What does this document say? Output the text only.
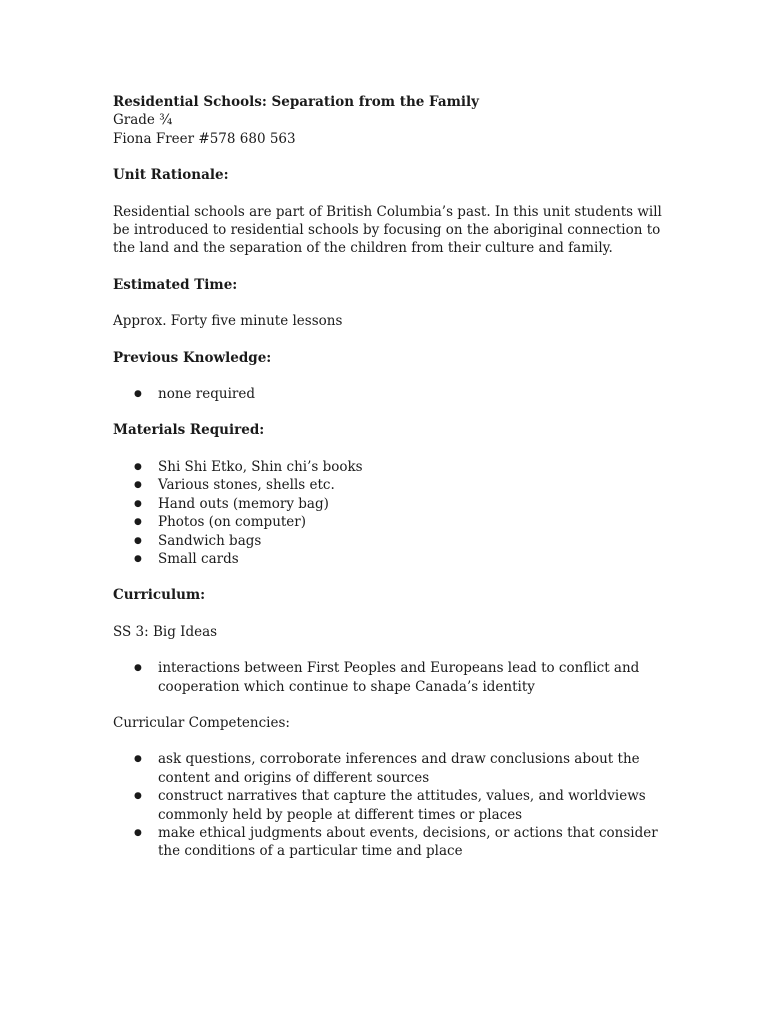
Residential Schools: Separation from the Family

Grade ¾

Fiona Freer #578 680 563

Unit Rationale:

Residential schools are part of British Columbia’s past. In this unit students will be introduced to residential schools by focusing on the aboriginal connection to the land and the separation of the children from their culture and family.

Estimated Time:

Approx. Forty five minute lessons

Previous Knowledge:

● none required

Materials Required:

● Shi Shi Etko, Shin chi’s books
● Various stones, shells etc.
● Hand outs (memory bag)
● Photos (on computer)
● Sandwich bags
● Small cards

Curriculum:

SS 3: Big Ideas

● interactions between First Peoples and Europeans lead to conflict and cooperation which continue to shape Canada’s identity

Curricular Competencies:

● ask questions, corroborate inferences and draw conclusions about the content and origins of different sources
● construct narratives that capture the attitudes, values, and worldviews commonly held by people at different times or places
● make ethical judgments about events, decisions, or actions that consider the conditions of a particular time and place
